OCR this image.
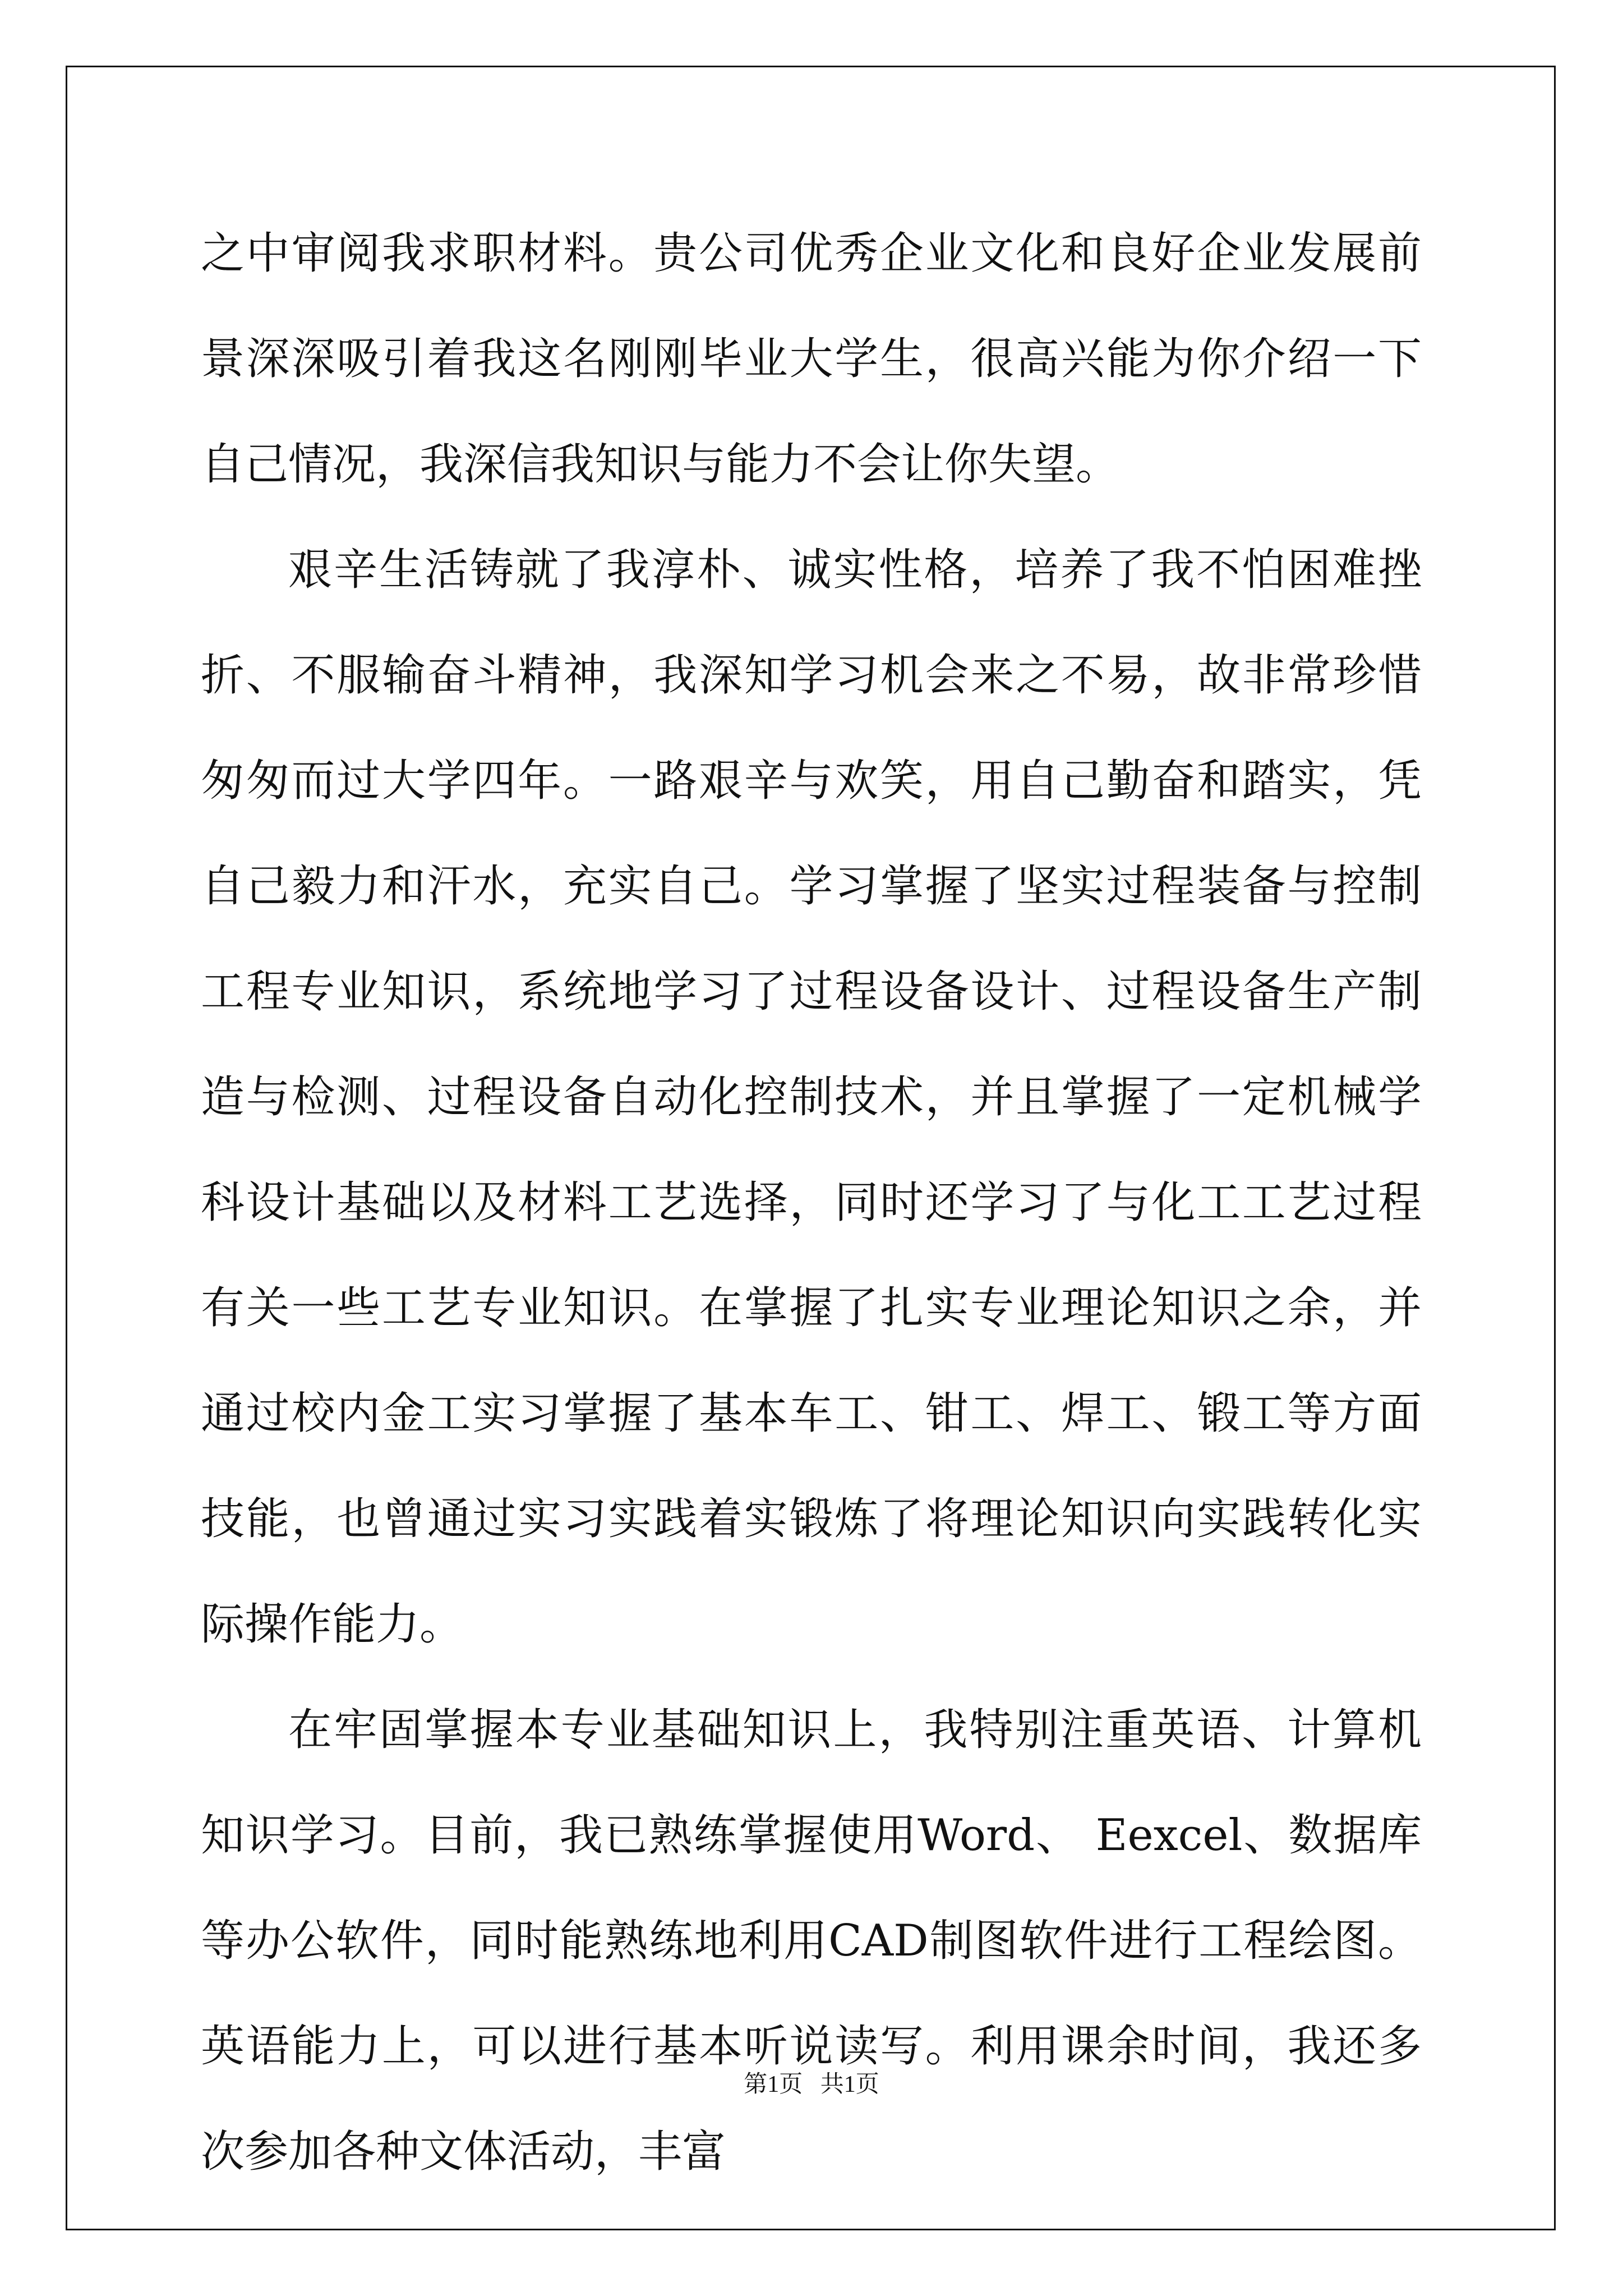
之中审阅我求职材料。贵公司优秀企业文化和良好企业发展前景深深吸引着我这名刚刚毕业大学生，很高兴能为你介绍一下自己情况，我深信我知识与能力不会让你失望。

艰辛生活铸就了我淳朴、诚实性格，培养了我不怕困难挫折、不服输奋斗精神，我深知学习机会来之不易，故非常珍惜匆匆而过大学四年。一路艰辛与欢笑，用自己勤奋和踏实，凭自己毅力和汗水，充实自己。学习掌握了坚实过程装备与控制工程专业知识，系统地学习了过程设备设计、过程设备生产制造与检测、过程设备自动化控制技术，并且掌握了一定机械学科设计基础以及材料工艺选择，同时还学习了与化工工艺过程有关一些工艺专业知识。在掌握了扎实专业理论知识之余，并通过校内金工实习掌握了基本车工、钳工、焊工、锻工等方面技能，也曾通过实习实践着实锻炼了将理论知识向实践转化实际操作能力。

在牢固掌握本专业基础知识上，我特别注重英语、计算机知识学习。目前，我已熟练掌握使用Word、 Eexcel、数据库等办公软件，同时能熟练地利用CAD制图软件进行工程绘图。英语能力上，可以进行基本听说读写。利用课余时间，我还多次参加各种文体活动，丰富

第1页   共1页
